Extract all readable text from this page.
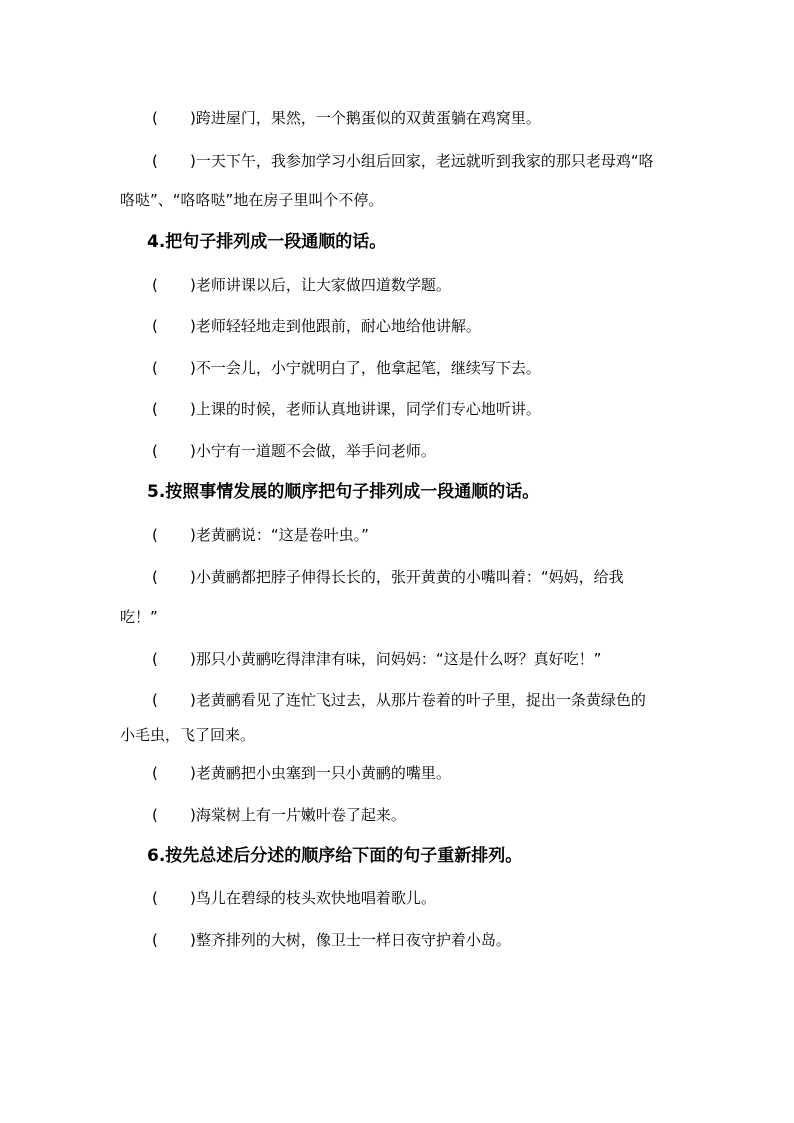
( )跨进屋门，果然，一个鹅蛋似的双黄蛋躺在鸡窝里。
( )一天下午，我参加学习小组后回家，老远就听到我家的那只老母鸡“咯
咯哒”、“咯咯哒”地在房子里叫个不停。
4.把句子排列成一段通顺的话。
( )老师讲课以后，让大家做四道数学题。
( )老师轻轻地走到他跟前，耐心地给他讲解。
( )不一会儿，小宁就明白了，他拿起笔，继续写下去。
( )上课的时候，老师认真地讲课，同学们专心地听讲。
( )小宁有一道题不会做，举手问老师。
5.按照事情发展的顺序把句子排列成一段通顺的话。
( )老黄鹂说：“这是卷叶虫。”
( )小黄鹂都把脖子伸得长长的，张开黄黄的小嘴叫着：“妈妈，给我
吃！”
( )那只小黄鹂吃得津津有味，问妈妈：“这是什么呀？真好吃！”
( )老黄鹂看见了连忙飞过去，从那片卷着的叶子里，捉出一条黄绿色的
小毛虫，飞了回来。
( )老黄鹂把小虫塞到一只小黄鹂的嘴里。
( )海棠树上有一片嫩叶卷了起来。
6.按先总述后分述的顺序给下面的句子重新排列。
( )鸟儿在碧绿的枝头欢快地唱着歌儿。
( )整齐排列的大树，像卫士一样日夜守护着小岛。
